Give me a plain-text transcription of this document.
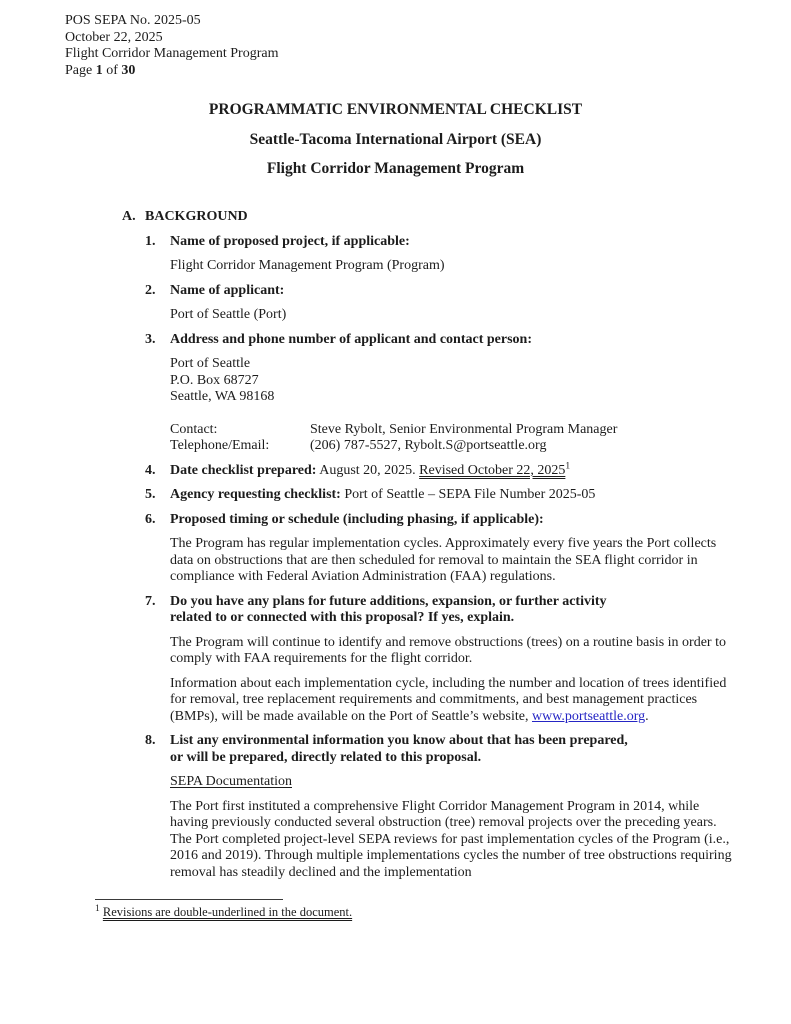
POS SEPA No. 2025-05
October 22, 2025
Flight Corridor Management Program
Page 1 of 30
PROGRAMMATIC ENVIRONMENTAL CHECKLIST
Seattle-Tacoma International Airport (SEA)
Flight Corridor Management Program
A. BACKGROUND
1.	Name of proposed project, if applicable:
Flight Corridor Management Program (Program)
2.	Name of applicant:
Port of Seattle (Port)
3.	Address and phone number of applicant and contact person:
Port of Seattle
P.O. Box 68727
Seattle, WA 98168
Contact:	Steve Rybolt, Senior Environmental Program Manager
Telephone/Email:	(206) 787-5527, Rybolt.S@portseattle.org
4.	Date checklist prepared: August 20, 2025. Revised October 22, 2025$^1$
5.	Agency requesting checklist: Port of Seattle – SEPA File Number 2025-05
6.	Proposed timing or schedule (including phasing, if applicable):
The Program has regular implementation cycles. Approximately every five years the Port collects data on obstructions that are then scheduled for removal to maintain the SEA flight corridor in compliance with Federal Aviation Administration (FAA) regulations.
7.	Do you have any plans for future additions, expansion, or further activity
related to or connected with this proposal? If yes, explain.
The Program will continue to identify and remove obstructions (trees) on a routine basis in order to comply with FAA requirements for the flight corridor.
Information about each implementation cycle, including the number and location of trees identified for removal, tree replacement requirements and commitments, and best management practices (BMPs), will be made available on the Port of Seattle’s website, www.portseattle.org.
8.	List any environmental information you know about that has been prepared,
or will be prepared, directly related to this proposal.
SEPA Documentation
The Port first instituted a comprehensive Flight Corridor Management Program in 2014, while having previously conducted several obstruction (tree) removal projects over the preceding years. The Port completed project-level SEPA reviews for past implementation cycles of the Program (i.e., 2016 and 2019). Through multiple implementations cycles the number of tree obstructions requiring removal has steadily declined and the implementation
$^1$ Revisions are double-underlined in the document.
